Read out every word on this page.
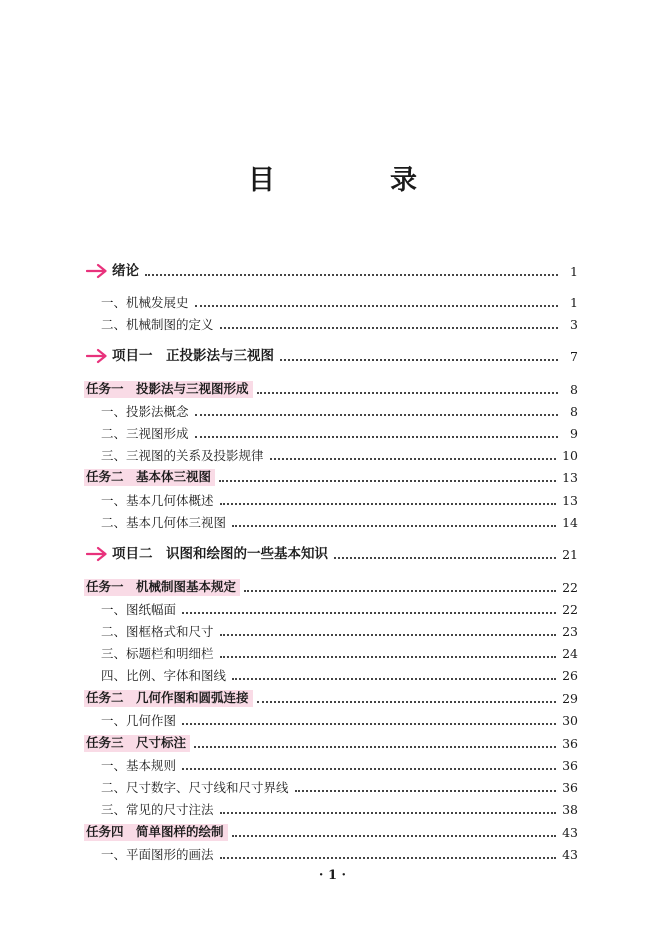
目　录
绪论	1
一、机械发展史	1
二、机械制图的定义	3
项目一　正投影法与三视图	7
任务一　投影法与三视图形成	8
一、投影法概念	8
二、三视图形成	9
三、三视图的关系及投影规律	10
任务二　基本体三视图	13
一、基本几何体概述	13
二、基本几何体三视图	14
项目二　识图和绘图的一些基本知识	21
任务一　机械制图基本规定	22
一、图纸幅面	22
二、图框格式和尺寸	23
三、标题栏和明细栏	24
四、比例、字体和图线	26
任务二　几何作图和圆弧连接	29
一、几何作图	30
任务三　尺寸标注	36
一、基本规则	36
二、尺寸数字、尺寸线和尺寸界线	36
三、常见的尺寸注法	38
任务四　简单图样的绘制	43
一、平面图形的画法	43
· 1 ·
